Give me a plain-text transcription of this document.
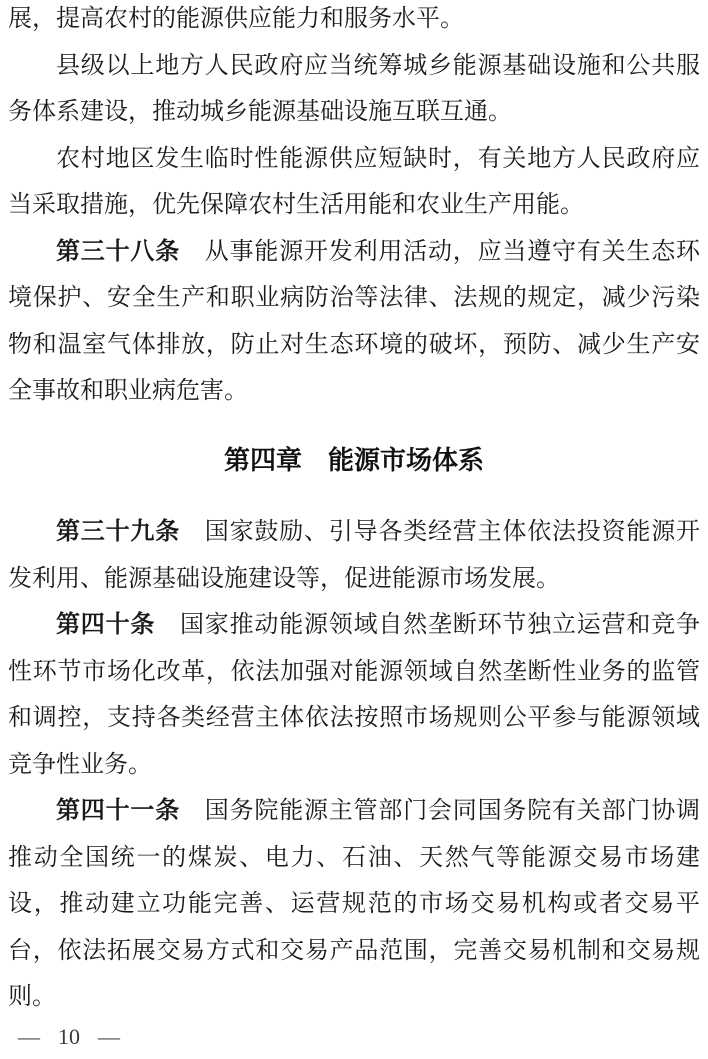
展，提高农村的能源供应能力和服务水平。

县级以上地方人民政府应当统筹城乡能源基础设施和公共服务体系建设，推动城乡能源基础设施互联互通。

农村地区发生临时性能源供应短缺时，有关地方人民政府应当采取措施，优先保障农村生活用能和农业生产用能。

第三十八条　从事能源开发利用活动，应当遵守有关生态环境保护、安全生产和职业病防治等法律、法规的规定，减少污染物和温室气体排放，防止对生态环境的破坏，预防、减少生产安全事故和职业病危害。

第四章　能源市场体系

第三十九条　国家鼓励、引导各类经营主体依法投资能源开发利用、能源基础设施建设等，促进能源市场发展。

第四十条　国家推动能源领域自然垄断环节独立运营和竞争性环节市场化改革，依法加强对能源领域自然垄断性业务的监管和调控，支持各类经营主体依法按照市场规则公平参与能源领域竞争性业务。

第四十一条　国务院能源主管部门会同国务院有关部门协调推动全国统一的煤炭、电力、石油、天然气等能源交易市场建设，推动建立功能完善、运营规范的市场交易机构或者交易平台，依法拓展交易方式和交易产品范围，完善交易机制和交易规则。

— 10 —
